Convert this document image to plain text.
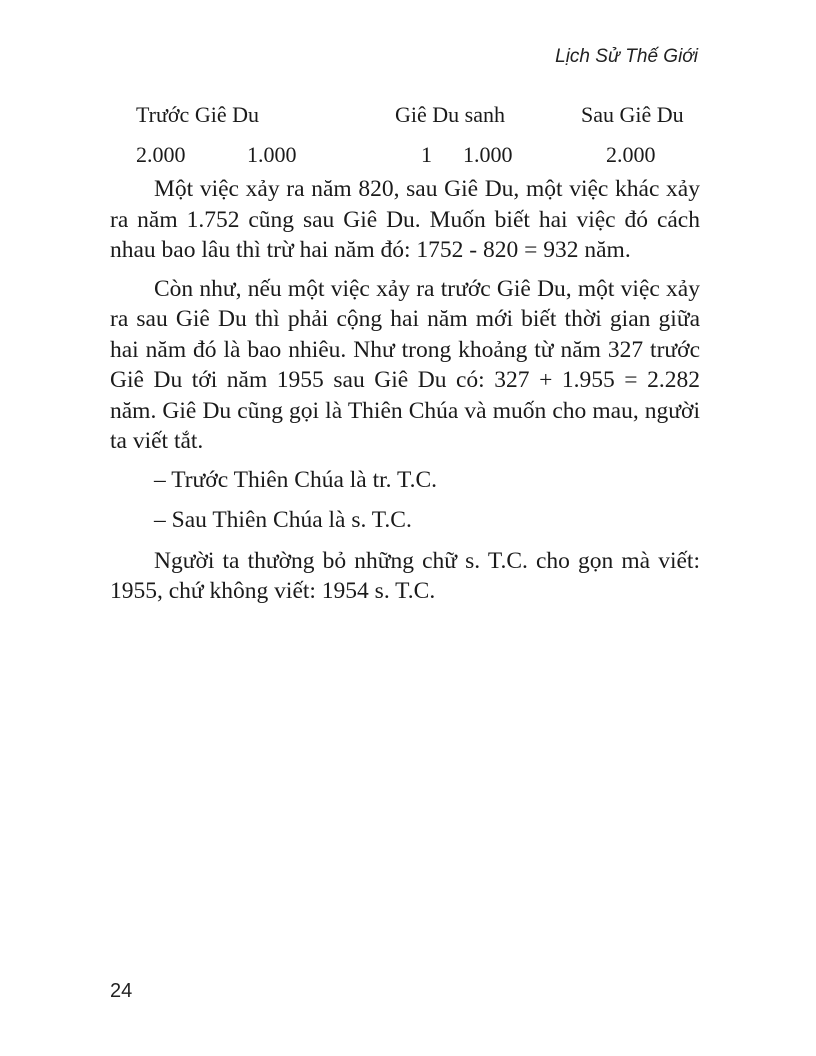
Lịch Sử Thế Giới
Trước Giê Du	Giê Du sanh	Sau Giê Du
2.000	1.000	1 1.000	2.000

Một việc xảy ra năm 820, sau Giê Du, một việc khác xảy ra năm 1.752 cũng sau Giê Du. Muốn biết hai việc đó cách nhau bao lâu thì trừ hai năm đó: 1752 - 820 = 932 năm.

Còn như, nếu một việc xảy ra trước Giê Du, một việc xảy ra sau Giê Du thì phải cộng hai năm mới biết thời gian giữa hai năm đó là bao nhiêu. Như trong khoảng từ năm 327 trước Giê Du tới năm 1955 sau Giê Du có: 327 + 1.955 = 2.282 năm. Giê Du cũng gọi là Thiên Chúa và muốn cho mau, người ta viết tắt.

– Trước Thiên Chúa là tr. T.C.

– Sau Thiên Chúa là s. T.C.

Người ta thường bỏ những chữ s. T.C. cho gọn mà viết: 1955, chứ không viết: 1954 s. T.C.

24
